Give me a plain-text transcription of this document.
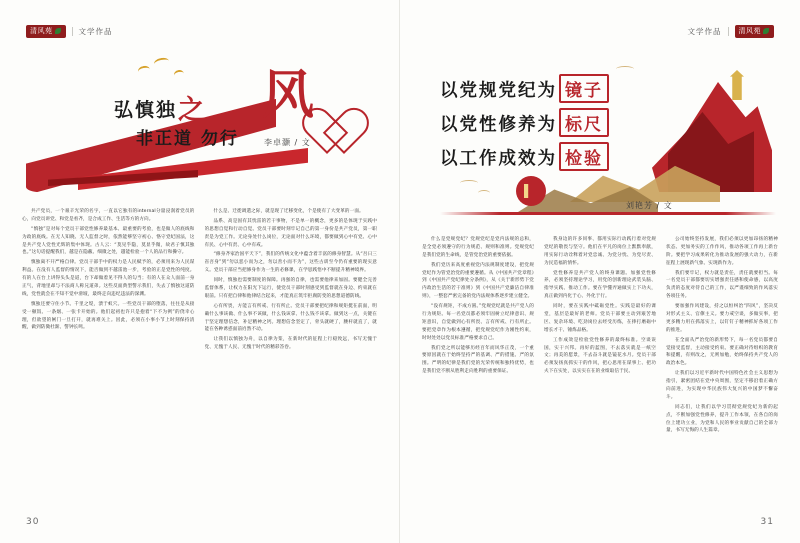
清风苑	文学作品
弘慎独之 风
非正道 勿行	李卓灏 / 文

共产党员，一个艰辛光荣的名字，一直以它独有的internal分量浸润着党员的心，向党员讲党、和党是看齐，是合成工作、生活等方的方向。

“慎独”是对每个党员干部党性修养最基本、最重要的考验，也是做人的底线和为政的底线。在无人知晓、无人监督之时，依然能够坚守初心、恪守党纪国法，这是共产党人党性光辉的集中体现。古人云：“莫见乎隐，莫显乎微，故君子慎其独也。”这句话提醒我们，越是在隐蔽、细微之处，越能检验一个人的品行和操守。

慎独离不开严格自律。党员干部手中的权力是人民赋予的，必须用来为人民谋利益。在没有人监督的情况下，能否做到不越雷池一步，考验的正是党性的纯度。有的人在台上讲得头头是道，台下却做着见不得人的勾当；有的人在众人面前一身正气，背地里却与不法商人称兄道弟。这些反面典型警示我们，失去了慎独这道防线，党性就会在不知不觉中滑坡，最终走向违纪违法的深渊。

慎独还要守住小节。千里之堤，溃于蚁穴。一些党员干部的堕落，往往是从接受一顿饭、一条烟、一张卡开始的。他们起初也许只是抱着“下不为例”的侥幸心理，但欲望的闸门一旦打开，就再难关上。因此，必须在小事小节上时刻保持清醒，做到防微杜渐、警钟长鸣。

什么是、迁徙调遣之际，就是现了迁移变化，个是使有了大变革的一面。

品系、高是固有其忧雷的若干事物，不是单一的概念，更多的是体现于实践中的思想自觉和行动自觉。党员干部要时刻牢记自己的第一身份是共产党员，第一职责是为党工作。无论身处什么岗位，无论面对什么环境，都要做到心中有党、心中有民、心中有责、心中有戒。

“修身齐家治国平天下”，我们的传统文化中蕴含着丰富的修身智慧。从“吾日三省吾身”到“勿以恶小而为之，勿以善小而不为”，这些古训至今仍有重要的现实意义。党员干部应当把修身作为一生的必修课，在学思践悟中不断提升精神境界。

同时，慎独也需要制度的保障。再强的自律，也需要他律来加固。要健全完善监督体系，让权力在阳光下运行，使党员干部时刻感受到监督就在身边、约束就在眼前。只有把自律和他律结合起来，才能真正筑牢拒腐防变的思想道德防线。

心有所畏，方能言有所戒、行有所止。党员干部要把纪律和规矩挺在前面，明确什么事该做、什么事不该做，什么钱该拿、什么钱不该拿。做到这一点，关键在于坚定理想信念，补足精神之钙。理想信念坚定了，骨头就硬了，腰杆就直了，就能在各种诱惑面前岿然不动。

让我们以慎独为舟，以自律为桨，在新时代的征程上行稳致远，书写无愧于党、无愧于人民、无愧于时代的精彩答卷。

30
文学作品 清风苑
以党规党纪为 镜子
以党性修养为 标尺
以工作成效为 检验
刘艳芳 / 文

什么是党规党纪？党规党纪是党内法规的总和，是全党必须遵守的行为规范、规则和准则。党规党纪是我们党的生命线，是管党治党的重要依据。

我们党历来高度重视党内法规制度建设，把党规党纪作为管党治党的重要遵循。从《中国共产党章程》到《中国共产党纪律处分条例》，从《关于新形势下党内政治生活的若干准则》到《中国共产党廉洁自律准则》，一整套严密完备的党内法规体系逐步建立健全。

“没有规矩，不成方圆。”党规党纪就是共产党人的行为规矩。每一名党员都必须牢固树立纪律意识、规矩意识，自觉做到心有所畏、言有所戒、行有所止。要把党章作为根本遵循，把党规党纪作为刚性约束，时时处处以党员标准严格要求自己。

我们党之所以能够历经百年而风华正茂，一个重要原因就在于始终坚持严的基调、严的措施、严的氛围。严明的纪律是我们党的光荣传统和独特优势，也是我们党不断从胜利走向胜利的重要保证。

我身边的许多同事、都用实际行动践行着对党规党纪的敬畏与坚守。他们在平凡的岗位上默默奉献，用实际行动诠释着对党忠诚、为党分忧、为党尽责、为民造福的情怀。

党性修养是共产党人的终身课题。加强党性修养，必须坚持理论学习，用党的创新理论武装头脑、指导实践、推动工作。要在学懂弄通做实上下功夫，真正做到内化于心、外化于行。

同时，要在实践中砥砺党性。实践是最好的课堂，基层是最好的老师。党员干部要主动到艰苦地区、复杂环境、吃劲岗位去经受历练，在摔打磨砺中增长才干、锤炼品格。

工作成效是检验党性修养的最终标准。空谈误国，实干兴邦。再好的蓝图，不去落实就是一纸空文；再美的愿景，不去奋斗就是镜花水月。党员干部必须发扬真抓实干的作风，把心思用在谋事上、把功夫下在实处，以实实在在的业绩取信于民。

公司始终坚持发展，我们必须以更加昂扬的精神状态、更加务实的工作作风，推动各项工作再上新台阶。要把学习成果转化为推动发展的强大动力，在新征程上展现新气象、实现新作为。

我们要牢记，权力就是责任，责任就要担当。每一名党员干部都要切实增强责任感和使命感，以高度负责的态度对待自己的工作，以严谨细致的作风落实各项任务。

要加强作风建设，持之以恒纠治“四风”，坚决反对形式主义、官僚主义。要力戒空谈，多做实事，把更多精力用在抓落实上，以钉钉子精神抓好各项工作的推进。

在全面从严治党的新形势下，每一名党员都要自觉接受监督，主动接受约束。要正确对待组织的教育和提醒，有则改之，无则加勉，始终保持共产党人的政治本色。

让我们以习近平新时代中国特色社会主义思想为指引，紧密团结在党中央周围，坚定不移沿着正确方向前进，为实现中华民族伟大复兴的中国梦不懈奋斗。

同志们，让我们以学习贯彻党规党纪为新的起点，不断加强党性修养，提升工作本领，在各自的岗位上建功立业，为党和人民的事业贡献自己的全部力量，书写无悔的人生篇章。

31
